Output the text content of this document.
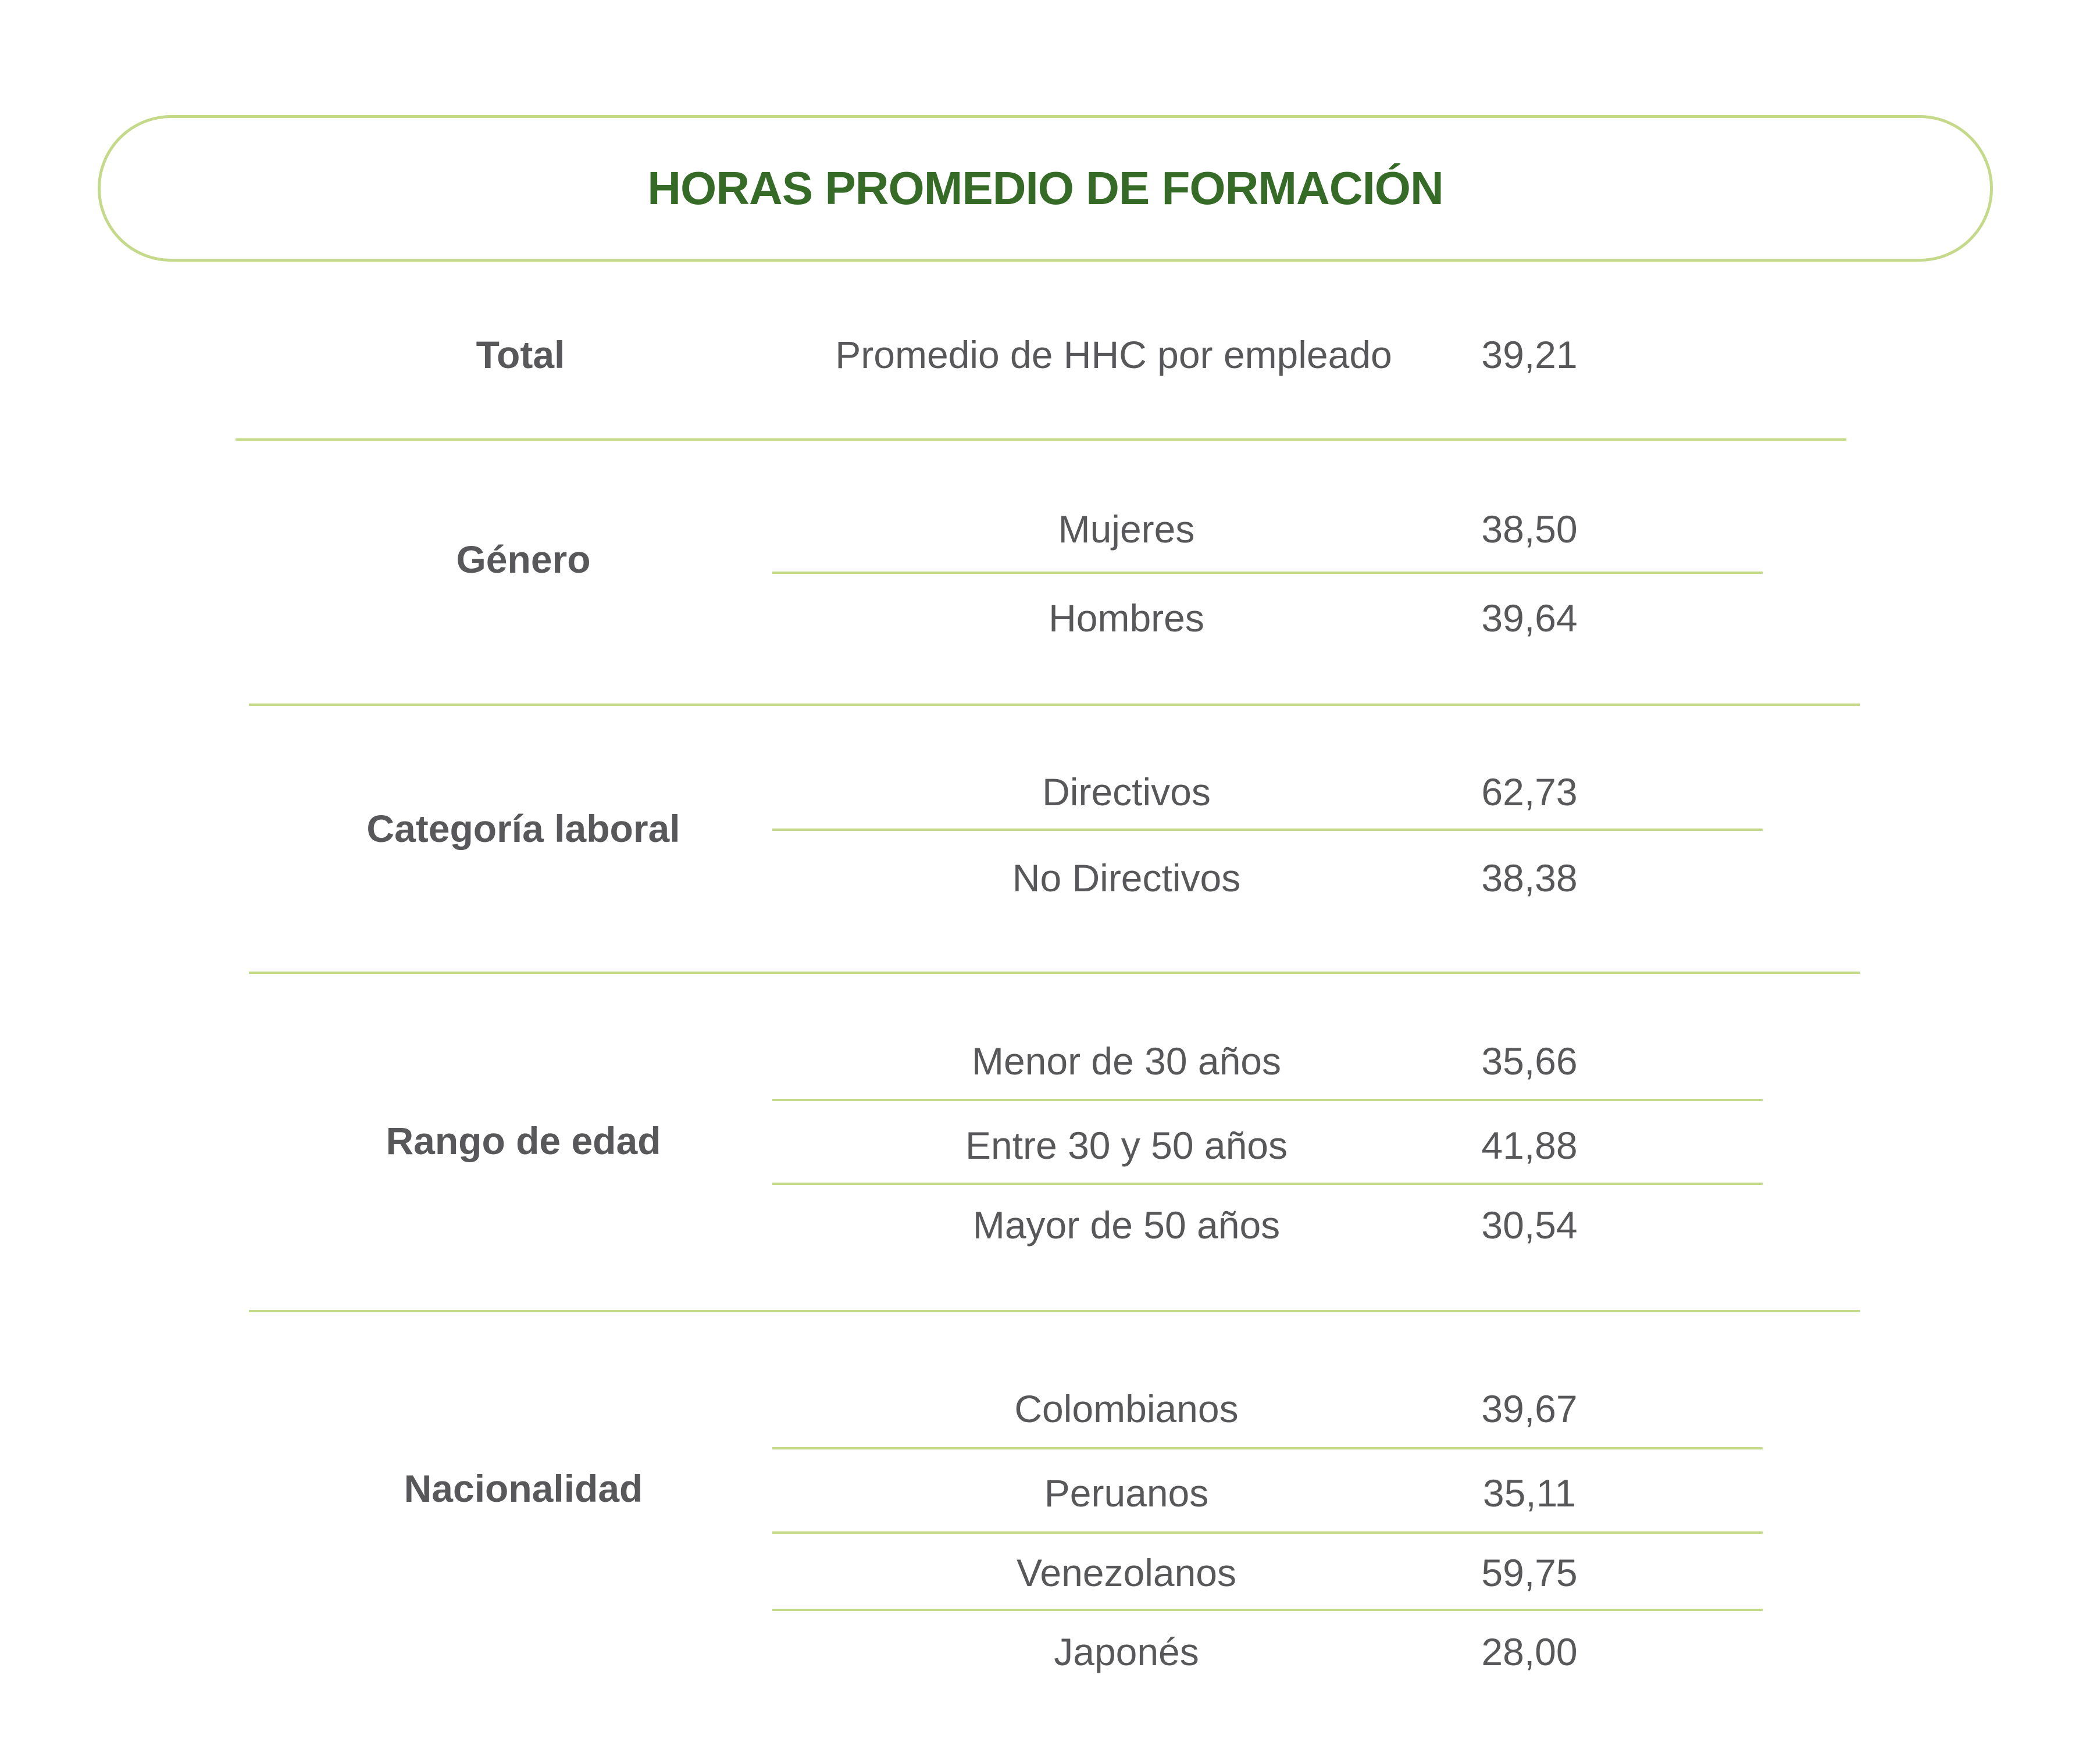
HORAS PROMEDIO DE FORMACIÓN
Total	Promedio de HHC por empleado 39,21
Género
Mujeres	38,50
Hombres	39,64
Categoría laboral
Directivos	62,73
No Directivos	38,38
Rango de edad
Menor de 30 años	35,66
Entre 30 y 50 años	41,88
Mayor de 50 años	30,54
Nacionalidad
Colombianos	39,67
Peruanos	35,11
Venezolanos	59,75
Japonés	28,00
